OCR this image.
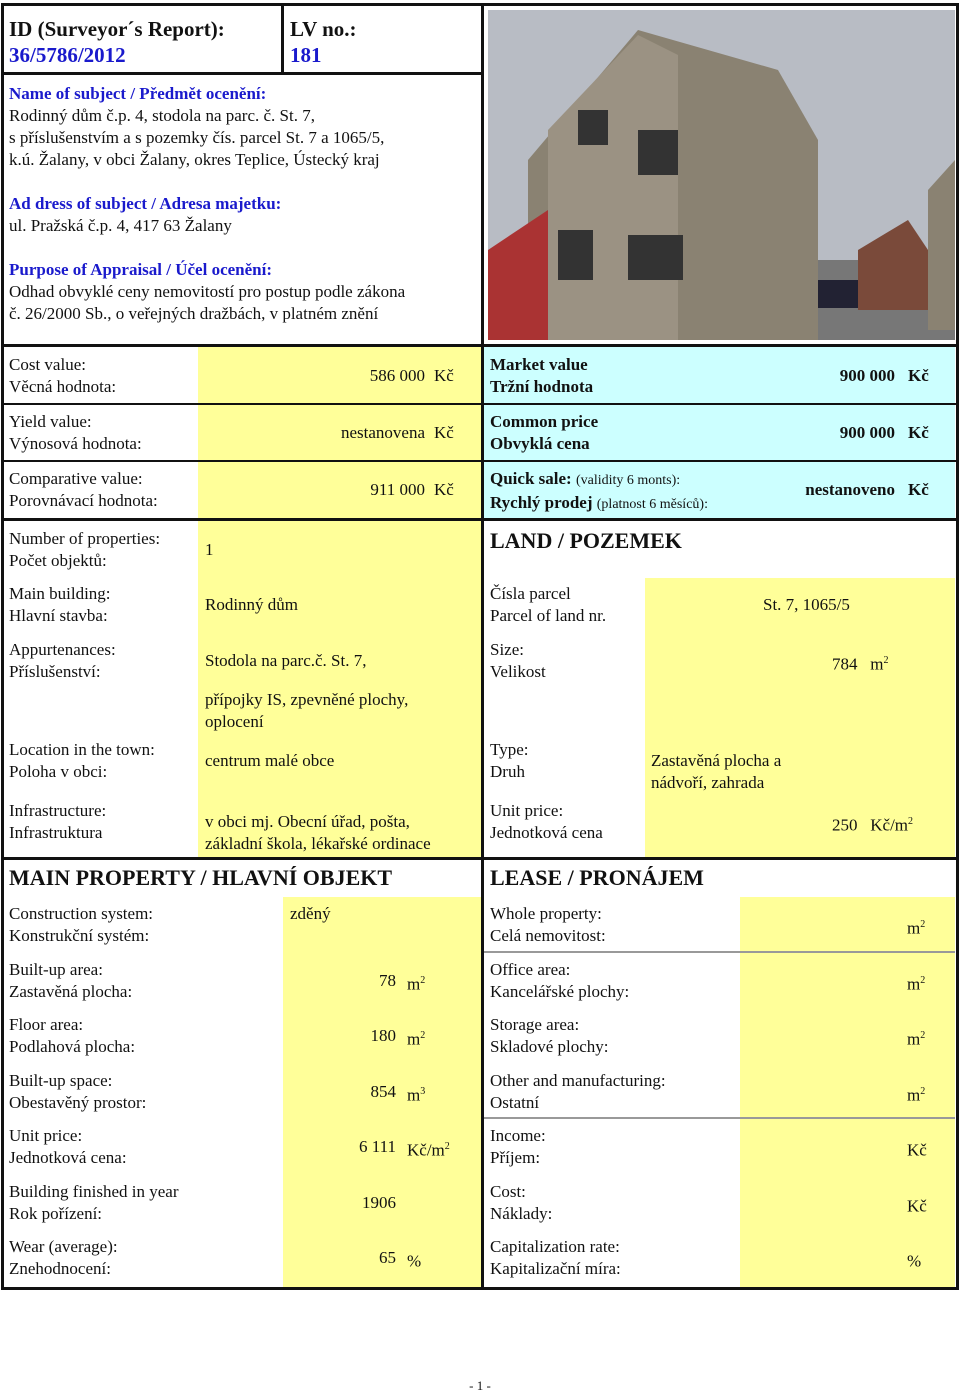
ID (Surveyor´s Report):
36/5786/2012
LV no.:
181
Name of subject / Předmět ocenění:
Rodinný dům č.p. 4, stodola na parc. č. St. 7,
s příslušenstvím a s pozemky čís. parcel St. 7 a 1065/5,
k.ú. Žalany, v obci Žalany, okres Teplice, Ústecký kraj
Ad dress of subject / Adresa majetku:
ul. Pražská č.p. 4, 417 63 Žalany
Purpose of Appraisal / Účel ocenění:
Odhad obvyklé ceny nemovitostí pro postup podle zákona
č. 26/2000 Sb., o veřejných dražbách, v platném znění
Cost value:
Věcná hodnota:
586 000 Kč
Yield value:
Výnosová hodnota:
nestanovena Kč
Comparative value:
Porovnávací hodnota:
911 000 Kč
Market value
Tržní hodnota
900 000 Kč
Common price
Obvyklá cena
900 000 Kč
Quick sale: (validity 6 monts):
Rychlý prodej (platnost 6 měsíců):
nestanoveno Kč
Number of properties:
Počet objektů:
1
Main building:
Hlavní stavba:
Rodinný dům
Appurtenances:
Příslušenství:
Stodola na parc.č. St. 7,
přípojky IS, zpevněné plochy,
oplocení
Location in the town:
Poloha v obci:
centrum malé obce
Infrastructure:
Infrastruktura
v obci mj. Obecní úřad, pošta,
základní škola, lékařské ordinace
LAND / POZEMEK
Čísla parcel
Parcel of land nr.
St. 7, 1065/5
Size:
Velikost	784 $m^2$
Type:
Druh
Zastavěná plocha a
nádvoří, zahrada
Unit price:
Jednotková cena	250 $Kč/m^2$
MAIN PROPERTY / HLAVNÍ OBJEKT	LEASE / PRONÁJEM
Construction system:
Konstrukční systém:
zděný
Built-up area:
Zastavěná plocha:
78 $m^2$
Floor area:
Podlahová plocha:
180 $m^2$
Built-up space:
Obestavěný prostor:
854 $m^3$
Unit price:
Jednotková cena:
6 111 $Kč/m^2$
Building finished in year
Rok pořízení:
1906
Wear (average):
Znehodnocení:
65 %
Whole property:
Celá nemovitost:	$m^2$
Office area:
Kancelářské plochy:	$m^2$
Storage area:
Skladové plochy:	$m^2$
Other and manufacturing:
Ostatní	$m^2$
Income:
Příjem:	Kč
Cost:
Náklady:	Kč
Capitalization rate:
Kapitalizační míra:	%
- 1 -
